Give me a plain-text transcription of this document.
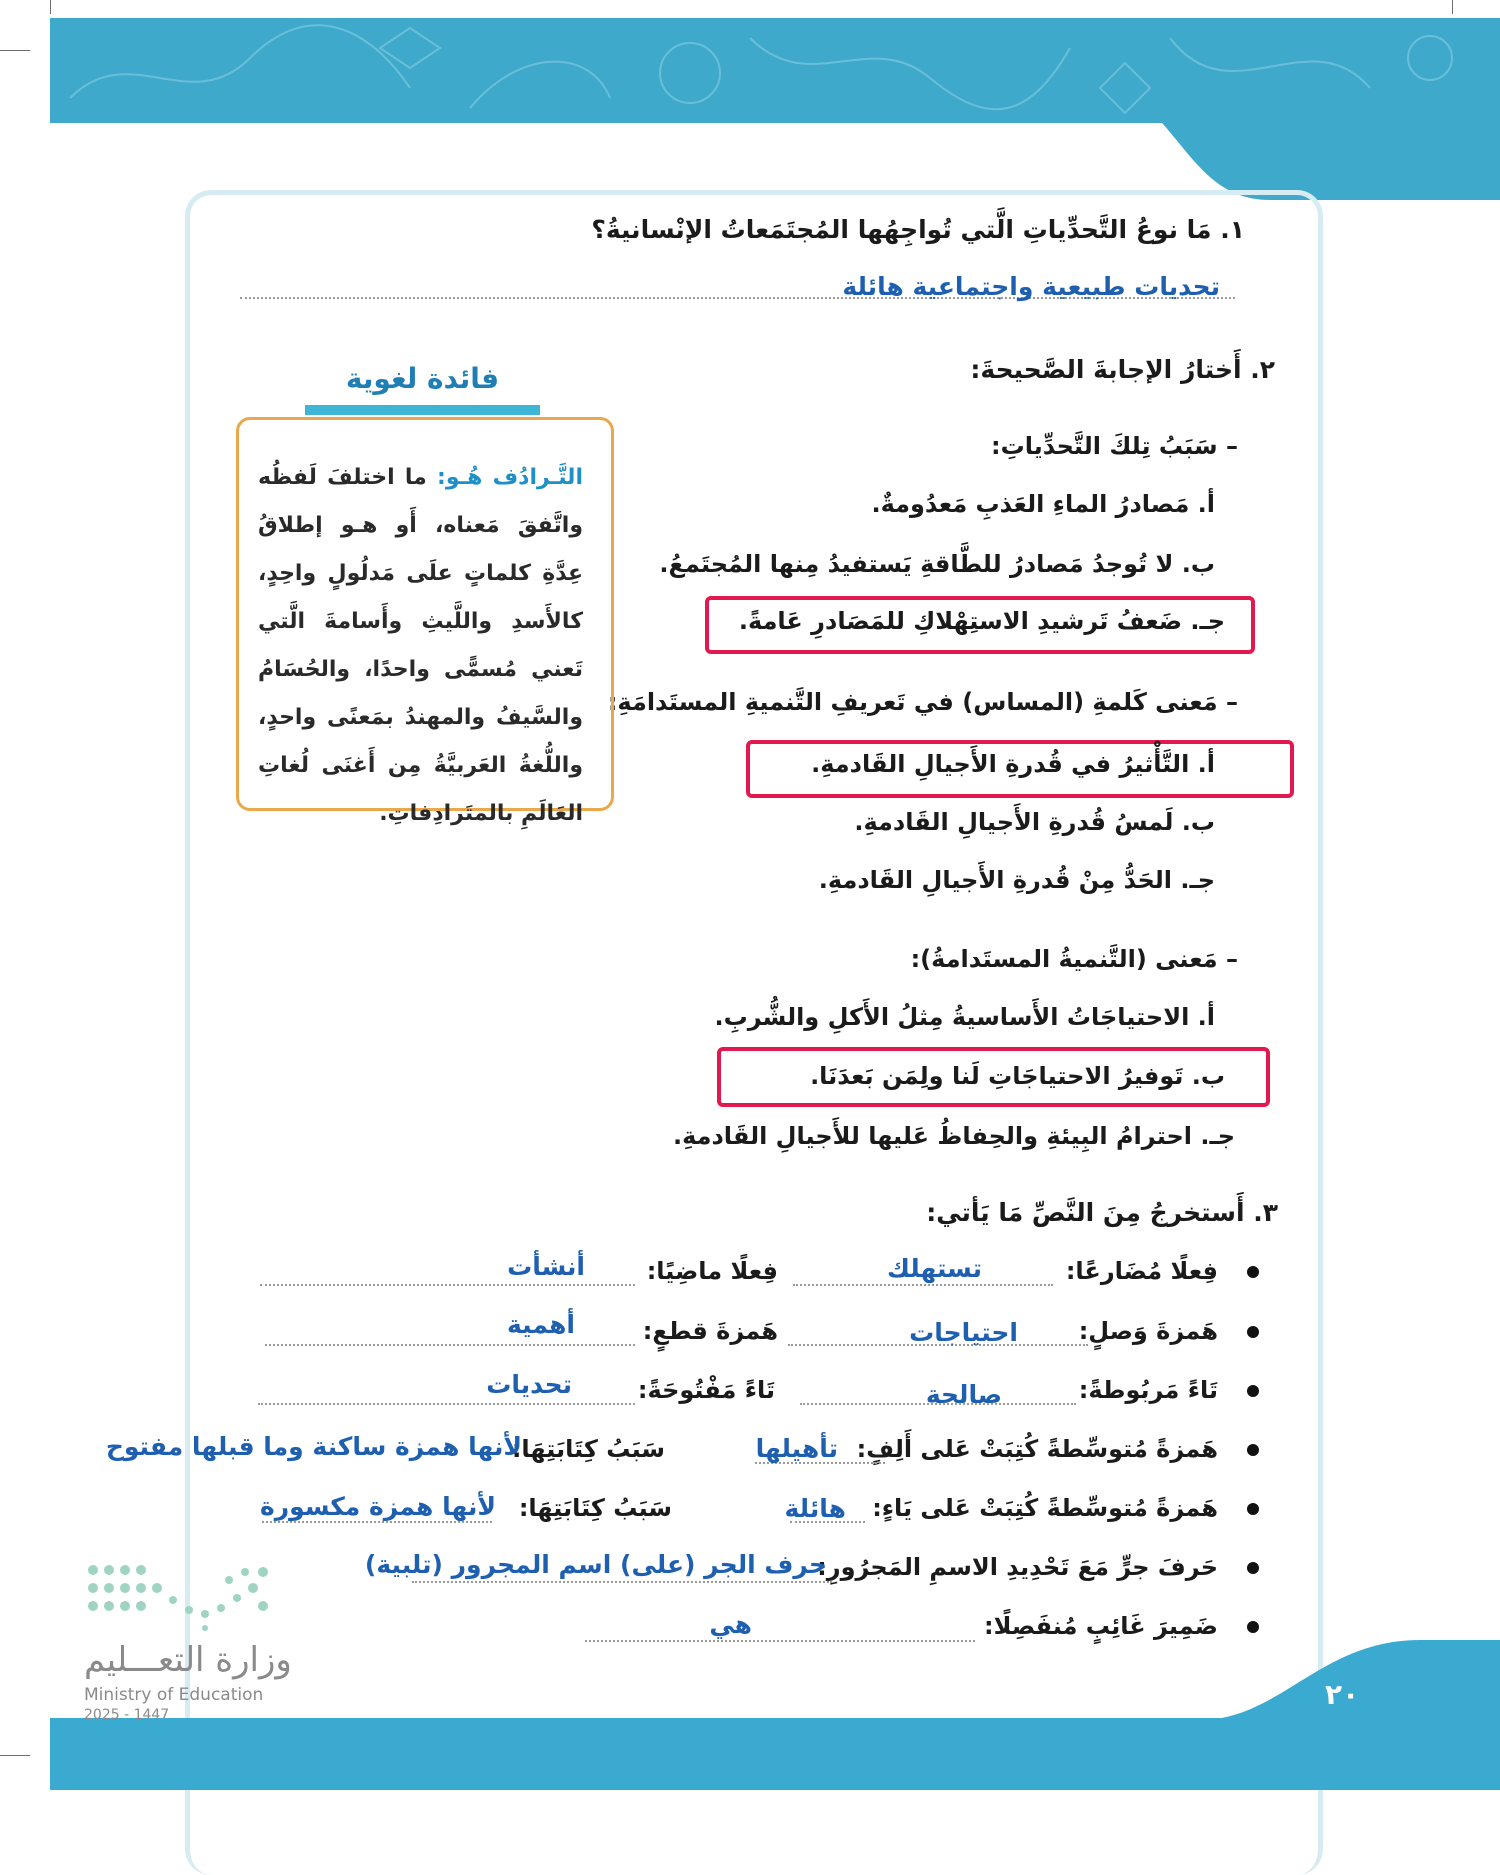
١. مَا نوعُ التَّحدِّياتِ الَّتي تُواجِهُها المُجتَمَعاتُ الإنْسانيةُ؟
تحديات طبيعية واجتماعية هائلة
٢. أَختارُ الإجابةَ الصَّحيحةَ:
– سَبَبُ تِلكَ التَّحدِّياتِ:
أ. مَصادرُ الماءِ العَذبِ مَعدُومةٌ.
ب. لا تُوجدُ مَصادرُ للطَّاقةِ يَستفيدُ مِنها المُجتَمعُ.
جـ. ضَعفُ تَرشيدِ الاستِهْلاكِ للمَصَادرِ عَامةً.
– مَعنى كَلمةِ (المساس) في تَعريفِ التَّنميةِ المستَدامَةِ:
أ. التَّأْثيرُ في قُدرةِ الأَجيالِ القَادمةِ.
ب. لَمسُ قُدرةِ الأَجيالِ القَادمةِ.
جـ. الحَدُّ مِنْ قُدرةِ الأَجيالِ القَادمةِ.
– مَعنى (التَّنميةُ المستَدامةُ):
أ. الاحتياجَاتُ الأَساسيةُ مِثلُ الأَكلِ والشُّربِ.
ب. تَوفيرُ الاحتياجَاتِ لَنا ولِمَن بَعدَنَا.
جـ. احترامُ البِيئةِ والحِفاظُ عَليها للأَجيالِ القَادمةِ.
فائدة لغوية
التَّـرادُف هُـو: ما اختلفَ لَفظُه واتَّفقَ مَعناه، أَو هـو إطلاقُ عِدَّةِ كلماتٍ علَى مَدلُولٍ واحِدٍ، كالأَسدِ واللَّيثِ وأَسامةَ الَّتي تَعني مُسمًّى واحدًا، والحُسَامُ والسَّيفُ والمهندُ بمَعنًى واحدٍ، واللُّغةُ العَربيَّةُ مِن أَغنَى لُغاتِ العَالَمِ بالمتَرادِفاتِ.
٣. أَستخرجُ مِنَ النَّصِّ مَا يَأتي:
فِعلًا مُضَارعًا:
تستهلك
فِعلًا ماضِيًا:
أنشأت
هَمزةَ وَصلٍ:
احتياجات
هَمزةَ قطعٍ:
أهمية
تَاءً مَربُوطةً:
صالحة
تَاءً مَفْتُوحَةً:
تحديات
هَمزةً مُتوسِّطةً كُتِبَتْ عَلى أَلِفٍ:
تأهيلها
سَبَبُ كِتَابَتِهَا:
لأنها همزة ساكنة وما قبلها مفتوح
هَمزةً مُتوسِّطةً كُتِبَتْ عَلى يَاءٍ:
هائلة
سَبَبُ كِتَابَتِهَا:
لأنها همزة مكسورة
حَرفَ جرٍّ مَعَ تَحْدِيدِ الاسمِ المَجرُورِ:
حرف الجر (على) اسم المجرور (تلبية)
ضَمِيرَ غَائِبٍ مُنفَصِلًا:
هي
٢٠
وزارة التعـــليم
Ministry of Education
2025 - 1447
